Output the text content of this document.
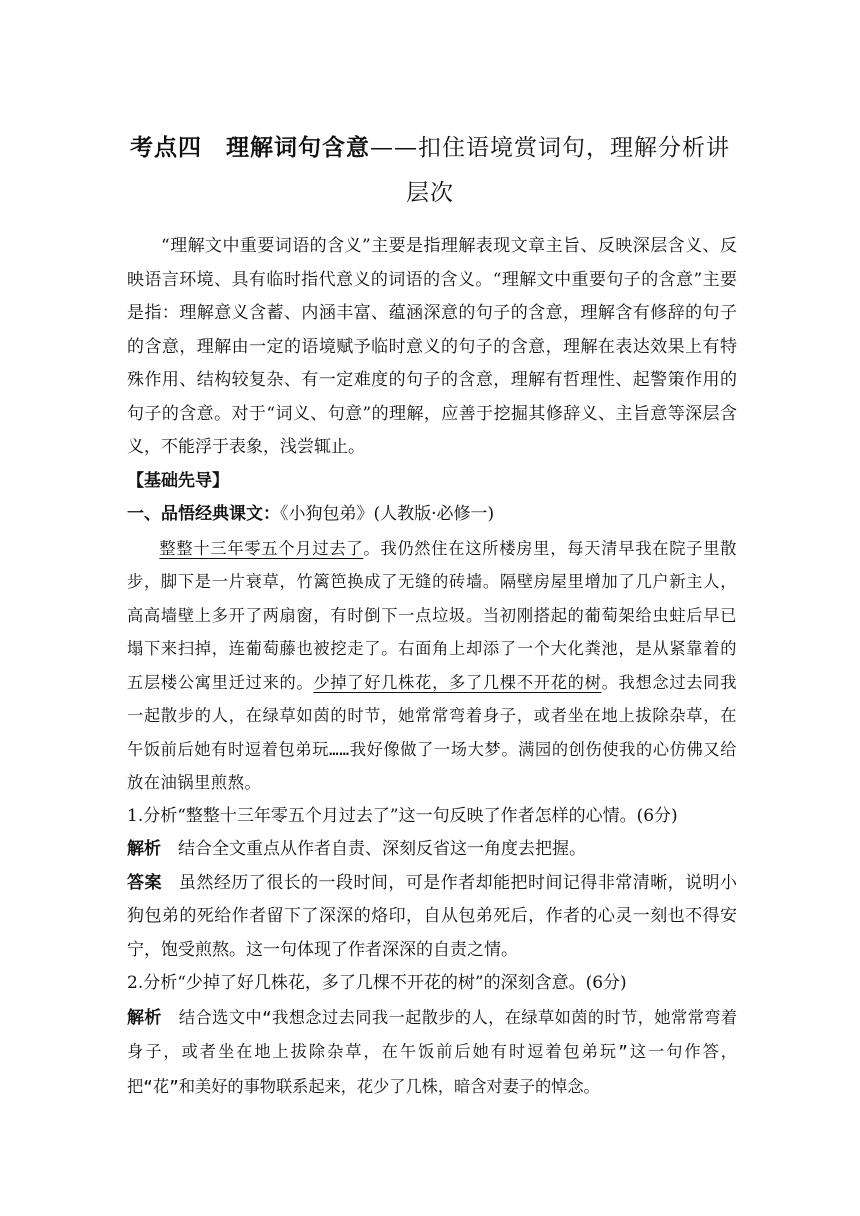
考点四　理解词句含意——扣住语境赏词句，理解分析讲层次

“理解文中重要词语的含义”主要是指理解表现文章主旨、反映深层含义、反映语言环境、具有临时指代意义的词语的含义。“理解文中重要句子的含意”主要是指：理解意义含蓄、内涵丰富、蕴涵深意的句子的含意，理解含有修辞的句子的含意，理解由一定的语境赋予临时意义的句子的含意，理解在表达效果上有特殊作用、结构较复杂、有一定难度的句子的含意，理解有哲理性、起警策作用的句子的含意。对于“词义、句意”的理解，应善于挖掘其修辞义、主旨意等深层含义，不能浮于表象，浅尝辄止。

【基础先导】

一、品悟经典课文：《小狗包弟》(人教版·必修一)

整整十三年零五个月过去了。我仍然住在这所楼房里，每天清早我在院子里散步，脚下是一片衰草，竹篱笆换成了无缝的砖墙。隔壁房屋里增加了几户新主人，高高墙壁上多开了两扇窗，有时倒下一点垃圾。当初刚搭起的葡萄架给虫蛀后早已塌下来扫掉，连葡萄藤也被挖走了。右面角上却添了一个大化粪池，是从紧靠着的五层楼公寓里迁过来的。少掉了好几株花，多了几棵不开花的树。我想念过去同我一起散步的人，在绿草如茵的时节，她常常弯着身子，或者坐在地上拔除杂草，在午饭前后她有时逗着包弟玩……我好像做了一场大梦。满园的创伤使我的心仿佛又给放在油锅里煎熬。

1.分析“整整十三年零五个月过去了”这一句反映了作者怎样的心情。(6分)

解析 结合全文重点从作者自责、深刻反省这一角度去把握。

答案 虽然经历了很长的一段时间，可是作者却能把时间记得非常清晰，说明小狗包弟的死给作者留下了深深的烙印，自从包弟死后，作者的心灵一刻也不得安宁，饱受煎熬。这一句体现了作者深深的自责之情。

2.分析“少掉了好几株花，多了几棵不开花的树”的深刻含意。(6分)

解析 结合选文中“我想念过去同我一起散步的人，在绿草如茵的时节，她常常弯着身子，或者坐在地上拔除杂草，在午饭前后她有时逗着包弟玩”这一句作答，把“花”和美好的事物联系起来，花少了几株，暗含对妻子的悼念。
